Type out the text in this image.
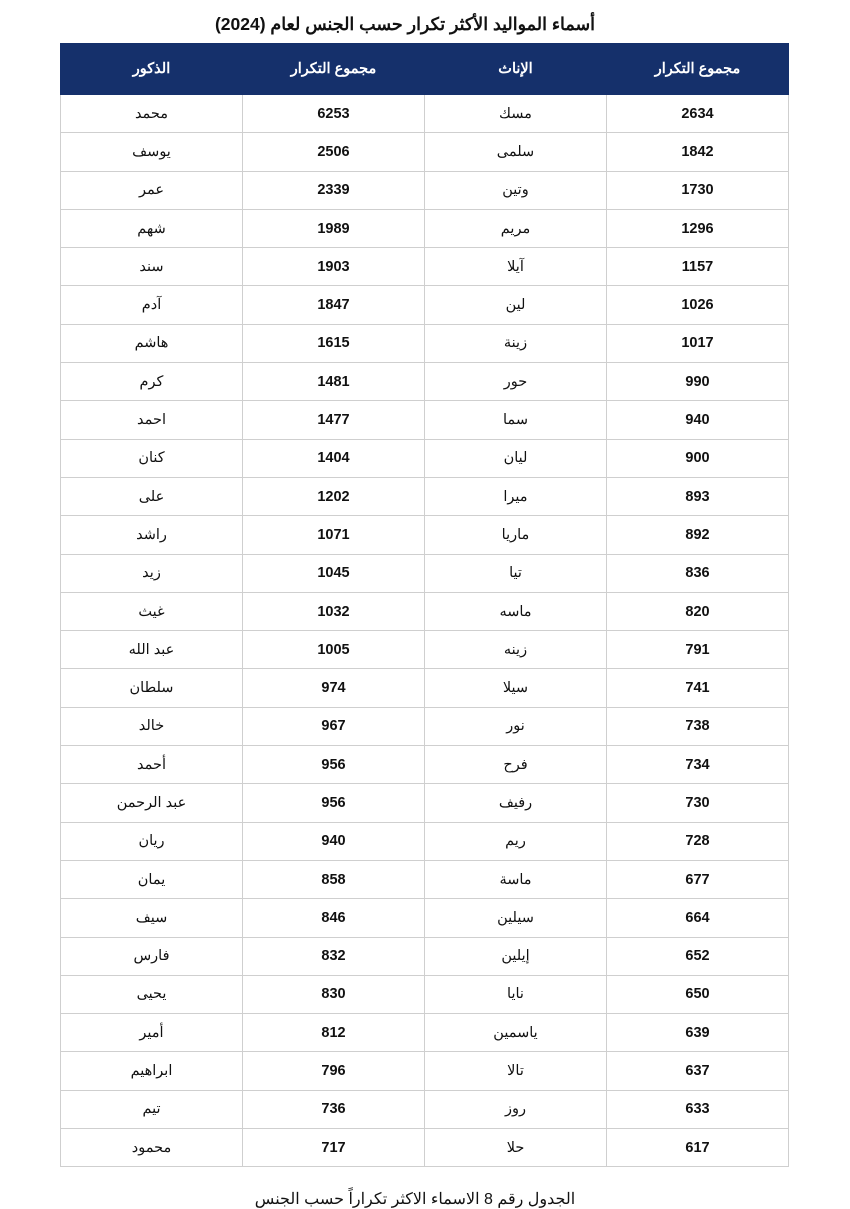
أسماء المواليد الأكثر تكرار حسب الجنس لعام (2024)
مجموع التكرار	الإناث	مجموع التكرار	الذكور
2634	مسك	6253	محمد
1842	سلمى	2506	يوسف
1730	وتين	2339	عمر
1296	مريم	1989	شهم
1157	آيلا	1903	سند
1026	لين	1847	آدم
1017	زينة	1615	هاشم
990	حور	1481	كرم
940	سما	1477	احمد
900	ليان	1404	كنان
893	ميرا	1202	على
892	ماريا	1071	راشد
836	تيا	1045	زيد
820	ماسه	1032	غيث
791	زينه	1005	عبد الله
741	سيلا	974	سلطان
738	نور	967	خالد
734	فرح	956	أحمد
730	رفيف	956	عبد الرحمن
728	ريم	940	ريان
677	ماسة	858	يمان
664	سيلين	846	سيف
652	إيلين	832	فارس
650	نايا	830	يحيى
639	ياسمين	812	أمير
637	تالا	796	ابراهيم
633	روز	736	تيم
617	حلا	717	محمود
الجدول رقم 8 الاسماء الاكثر تكراراً حسب الجنس
